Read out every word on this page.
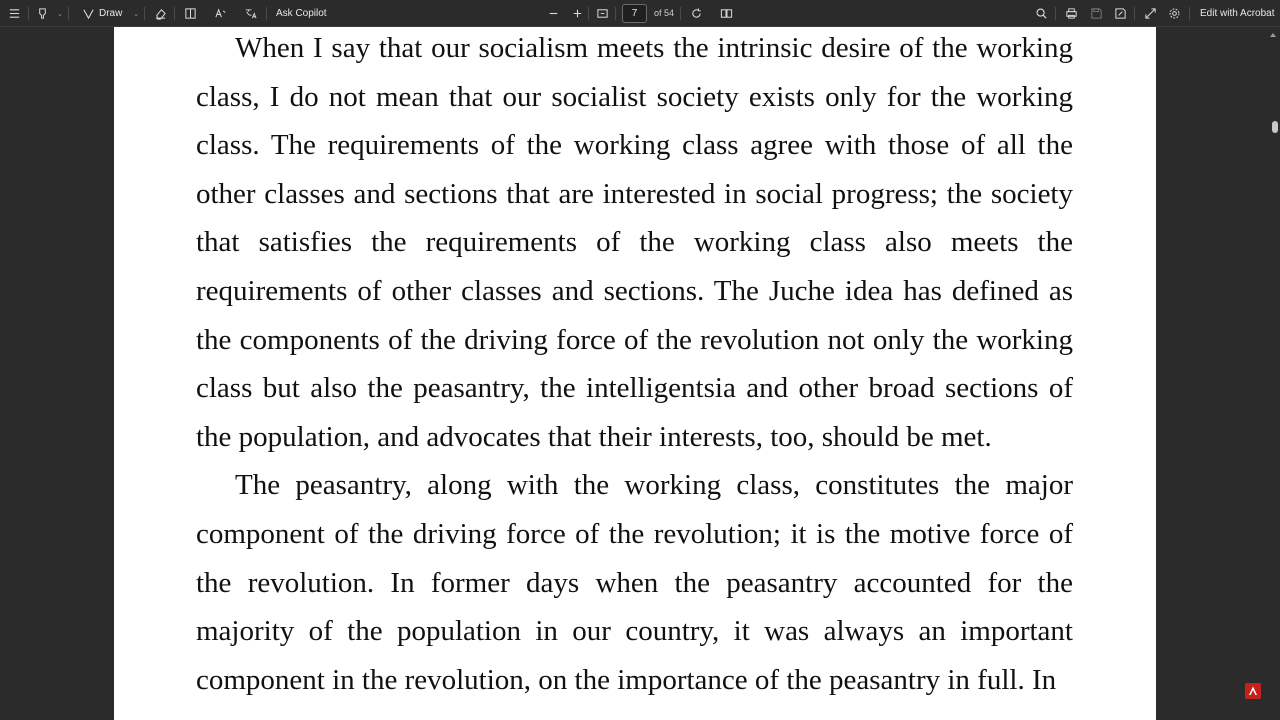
⌄	Draw ⌄	Ask Copilot	7	of 54	Edit with Acrobat

When I say that our socialism meets the intrinsic desire of the working class, I do not mean that our socialist society exists only for the working class. The requirements of the working class agree with those of all the other classes and sections that are interested in social progress; the society that satisfies the requirements of the working class also meets the requirements of other classes and sections. The Juche idea has defined as the components of the driving force of the revolution not only the working class but also the peasantry, the intelligentsia and other broad sections of the population, and advocates that their interests, too, should be met.

The peasantry, along with the working class, constitutes the major component of the driving force of the revolution; it is the motive force of the revolution. In former days when the peasantry accounted for the majority of the population in our country, it was always an important component in the revolution, on the importance of the peasantry in full. In
